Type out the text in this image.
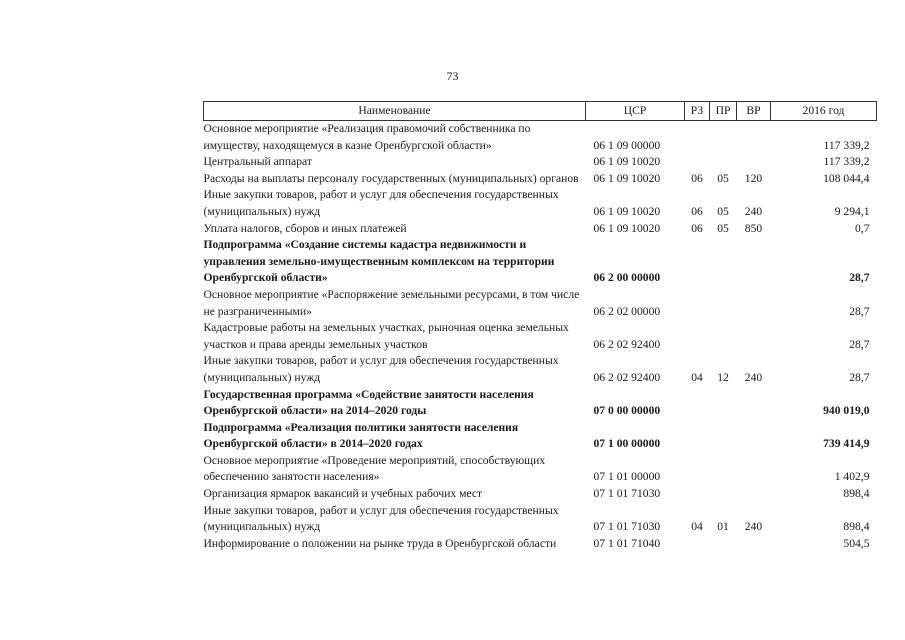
73
Наименование	ЦСР	РЗ	ПР	ВР	2016 год
Основное мероприятие «Реализация правомочий собственника по имуществу, находящемуся в казне Оренбургской области»	06 1 09 00000				117 339,2
Центральный аппарат	06 1 09 10020				117 339,2
Расходы на выплаты персоналу государственных (муниципальных) органов	06 1 09 10020	06	05	120	108 044,4
Иные закупки товаров, работ и услуг для обеспечения государственных (муниципальных) нужд	06 1 09 10020	06	05	240	9 294,1
Уплата налогов, сборов и иных платежей	06 1 09 10020	06	05	850	0,7
Подпрограмма «Создание системы кадастра недвижимости и управления земельно-имущественным комплексом на территории Оренбургской области»	06 2 00 00000				28,7
Основное мероприятие «Распоряжение земельными ресурсами, в том числе не разграниченными»	06 2 02 00000				28,7
Кадастровые работы на земельных участках, рыночная оценка земельных участков и права аренды земельных участков	06 2 02 92400				28,7
Иные закупки товаров, работ и услуг для обеспечения государственных (муниципальных) нужд	06 2 02 92400	04	12	240	28,7
Государственная программа «Содействие занятости населения Оренбургской области» на 2014–2020 годы	07 0 00 00000				940 019,0
Подпрограмма «Реализация политики занятости населения Оренбургской области» в 2014–2020 годах	07 1 00 00000				739 414,9
Основное мероприятие «Проведение мероприятий, способствующих обеспечению занятости населения»	07 1 01 00000				1 402,9
Организация ярмарок вакансий и учебных рабочих мест	07 1 01 71030				898,4
Иные закупки товаров, работ и услуг для обеспечения государственных (муниципальных) нужд	07 1 01 71030	04	01	240	898,4
Информирование о положении на рынке труда в Оренбургской области	07 1 01 71040				504,5
